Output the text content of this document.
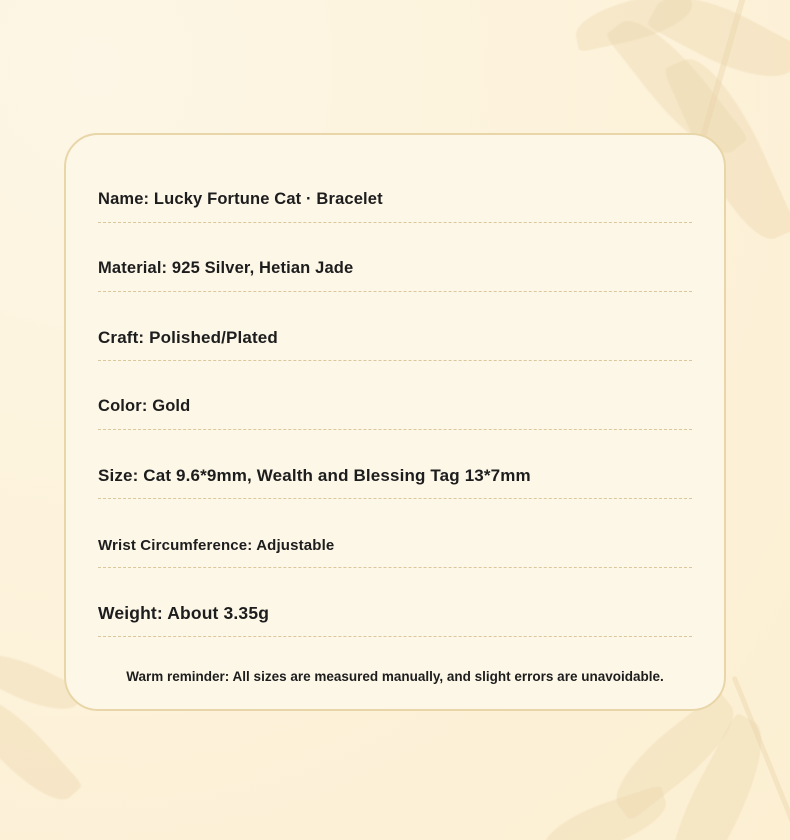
Name: Lucky Fortune Cat · Bracelet
Material: 925 Silver, Hetian Jade
Craft: Polished/Plated
Color: Gold
Size: Cat 9.6*9mm, Wealth and Blessing Tag 13*7mm
Wrist Circumference: Adjustable
Weight: About 3.35g
Warm reminder: All sizes are measured manually, and slight errors are unavoidable.
